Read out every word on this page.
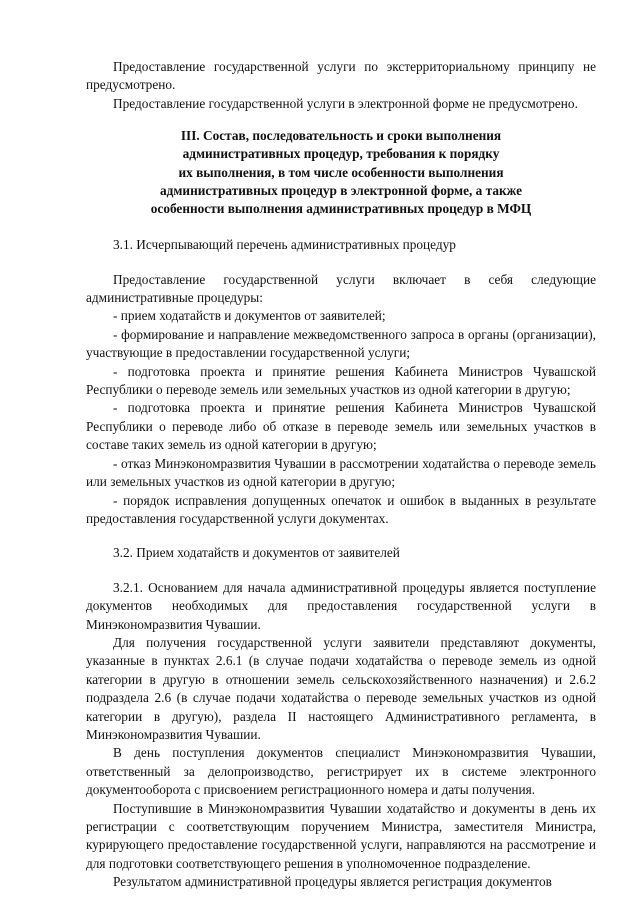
Предоставление государственной услуги по экстерриториальному принципу не предусмотрено.

Предоставление государственной услуги в электронной форме не предусмотрено.

III. Состав, последовательность и сроки выполнения
административных процедур, требования к порядку
их выполнения, в том числе особенности выполнения
административных процедур в электронной форме, а также
особенности выполнения административных процедур в МФЦ

3.1. Исчерпывающий перечень административных процедур

Предоставление государственной услуги включает в себя следующие административные процедуры:

- прием ходатайств и документов от заявителей;

- формирование и направление межведомственного запроса в органы (организации), участвующие в предоставлении государственной услуги;

- подготовка проекта и принятие решения Кабинета Министров Чувашской Республики о переводе земель или земельных участков из одной категории в другую;

- подготовка проекта и принятие решения Кабинета Министров Чувашской Республики о переводе либо об отказе в переводе земель или земельных участков в составе таких земель из одной категории в другую;

- отказ Минэкономразвития Чувашии в рассмотрении ходатайства о переводе земель или земельных участков из одной категории в другую;

- порядок исправления допущенных опечаток и ошибок в выданных в результате предоставления государственной услуги документах.

3.2. Прием ходатайств и документов от заявителей

3.2.1. Основанием для начала административной процедуры является поступление документов необходимых для предоставления государственной услуги в Минэкономразвития Чувашии.

Для получения государственной услуги заявители представляют документы, указанные в пунктах 2.6.1 (в случае подачи ходатайства о переводе земель из одной категории в другую в отношении земель сельскохозяйственного назначения) и 2.6.2 подраздела 2.6 (в случае подачи ходатайства о переводе земельных участков из одной категории в другую), раздела II настоящего Административного регламента, в Минэкономразвития Чувашии.

В день поступления документов специалист Минэкономразвития Чувашии, ответственный за делопроизводство, регистрирует их в системе электронного документооборота с присвоением регистрационного номера и даты получения.

Поступившие в Минэкономразвития Чувашии ходатайство и документы в день их регистрации с соответствующим поручением Министра, заместителя Министра, курирующего предоставление государственной услуги, направляются на рассмотрение и для подготовки соответствующего решения в уполномоченное подразделение.

Результатом административной процедуры является регистрация документов
